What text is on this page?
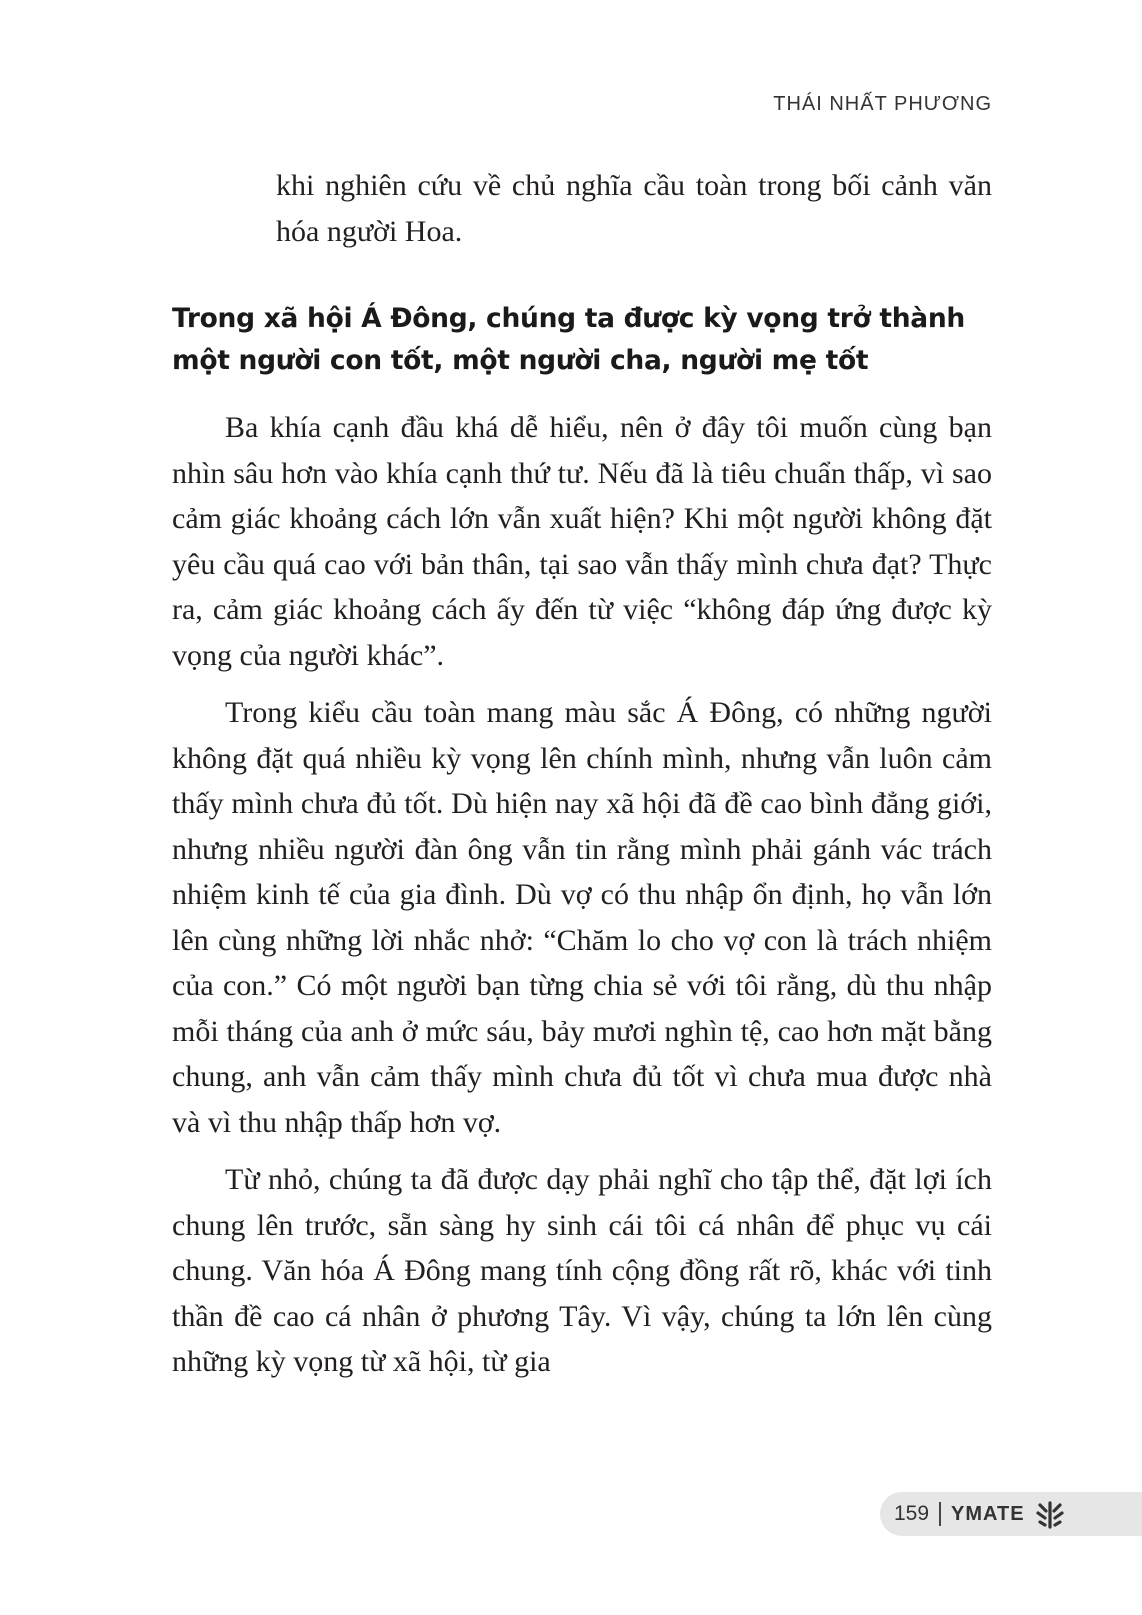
THÁI NHẤT PHƯƠNG

khi nghiên cứu về chủ nghĩa cầu toàn trong bối cảnh văn hóa người Hoa.

Trong xã hội Á Đông, chúng ta được kỳ vọng trở thành một người con tốt, một người cha, người mẹ tốt

Ba khía cạnh đầu khá dễ hiểu, nên ở đây tôi muốn cùng bạn nhìn sâu hơn vào khía cạnh thứ tư. Nếu đã là tiêu chuẩn thấp, vì sao cảm giác khoảng cách lớn vẫn xuất hiện? Khi một người không đặt yêu cầu quá cao với bản thân, tại sao vẫn thấy mình chưa đạt? Thực ra, cảm giác khoảng cách ấy đến từ việc “không đáp ứng được kỳ vọng của người khác”.

Trong kiểu cầu toàn mang màu sắc Á Đông, có những người không đặt quá nhiều kỳ vọng lên chính mình, nhưng vẫn luôn cảm thấy mình chưa đủ tốt. Dù hiện nay xã hội đã đề cao bình đẳng giới, nhưng nhiều người đàn ông vẫn tin rằng mình phải gánh vác trách nhiệm kinh tế của gia đình. Dù vợ có thu nhập ổn định, họ vẫn lớn lên cùng những lời nhắc nhở: “Chăm lo cho vợ con là trách nhiệm của con.” Có một người bạn từng chia sẻ với tôi rằng, dù thu nhập mỗi tháng của anh ở mức sáu, bảy mươi nghìn tệ, cao hơn mặt bằng chung, anh vẫn cảm thấy mình chưa đủ tốt vì chưa mua được nhà và vì thu nhập thấp hơn vợ.

Từ nhỏ, chúng ta đã được dạy phải nghĩ cho tập thể, đặt lợi ích chung lên trước, sẵn sàng hy sinh cái tôi cá nhân để phục vụ cái chung. Văn hóa Á Đông mang tính cộng đồng rất rõ, khác với tinh thần đề cao cá nhân ở phương Tây. Vì vậy, chúng ta lớn lên cùng những kỳ vọng từ xã hội, từ gia

159 YMATE
